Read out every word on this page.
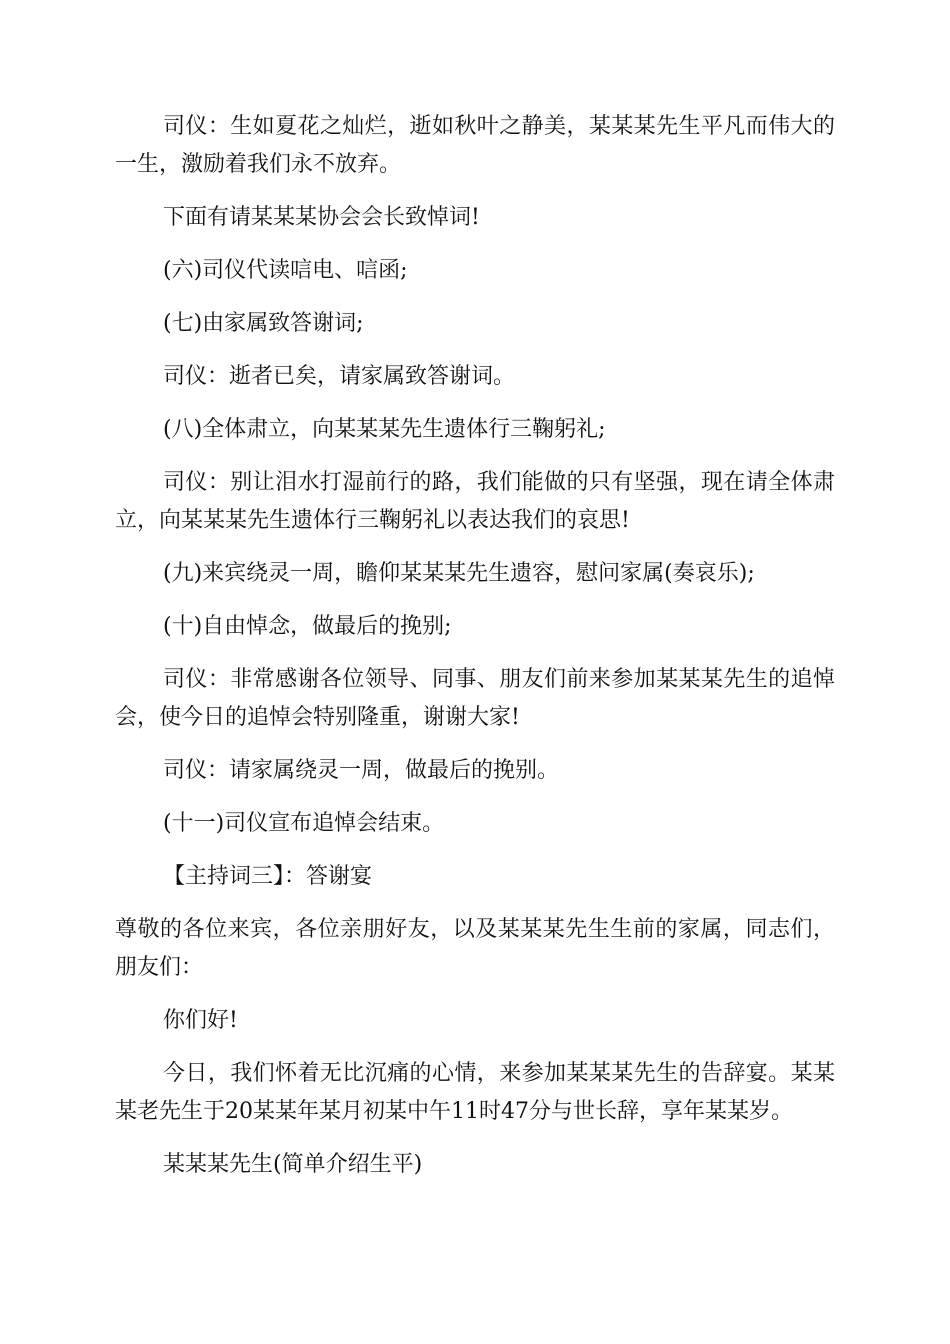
司仪：生如夏花之灿烂，逝如秋叶之静美，某某某先生平凡而伟大的一生，激励着我们永不放弃。

下面有请某某某协会会长致悼词!

(六)司仪代读唁电、唁函;

(七)由家属致答谢词;

司仪：逝者已矣，请家属致答谢词。

(八)全体肃立，向某某某先生遗体行三鞠躬礼;

司仪：别让泪水打湿前行的路，我们能做的只有坚强，现在请全体肃立，向某某某先生遗体行三鞠躬礼以表达我们的哀思!

(九)来宾绕灵一周，瞻仰某某某先生遗容，慰问家属(奏哀乐);

(十)自由悼念，做最后的挽别;

司仪：非常感谢各位领导、同事、朋友们前来参加某某某先生的追悼会，使今日的追悼会特别隆重，谢谢大家!

司仪：请家属绕灵一周，做最后的挽别。

(十一)司仪宣布追悼会结束。

【主持词三】：答谢宴

尊敬的各位来宾，各位亲朋好友，以及某某某先生生前的家属，同志们，朋友们：

你们好!

今日，我们怀着无比沉痛的心情，来参加某某某先生的告辞宴。某某某老先生于20某某年某月初某中午11时47分与世长辞，享年某某岁。

某某某先生(简单介绍生平)
